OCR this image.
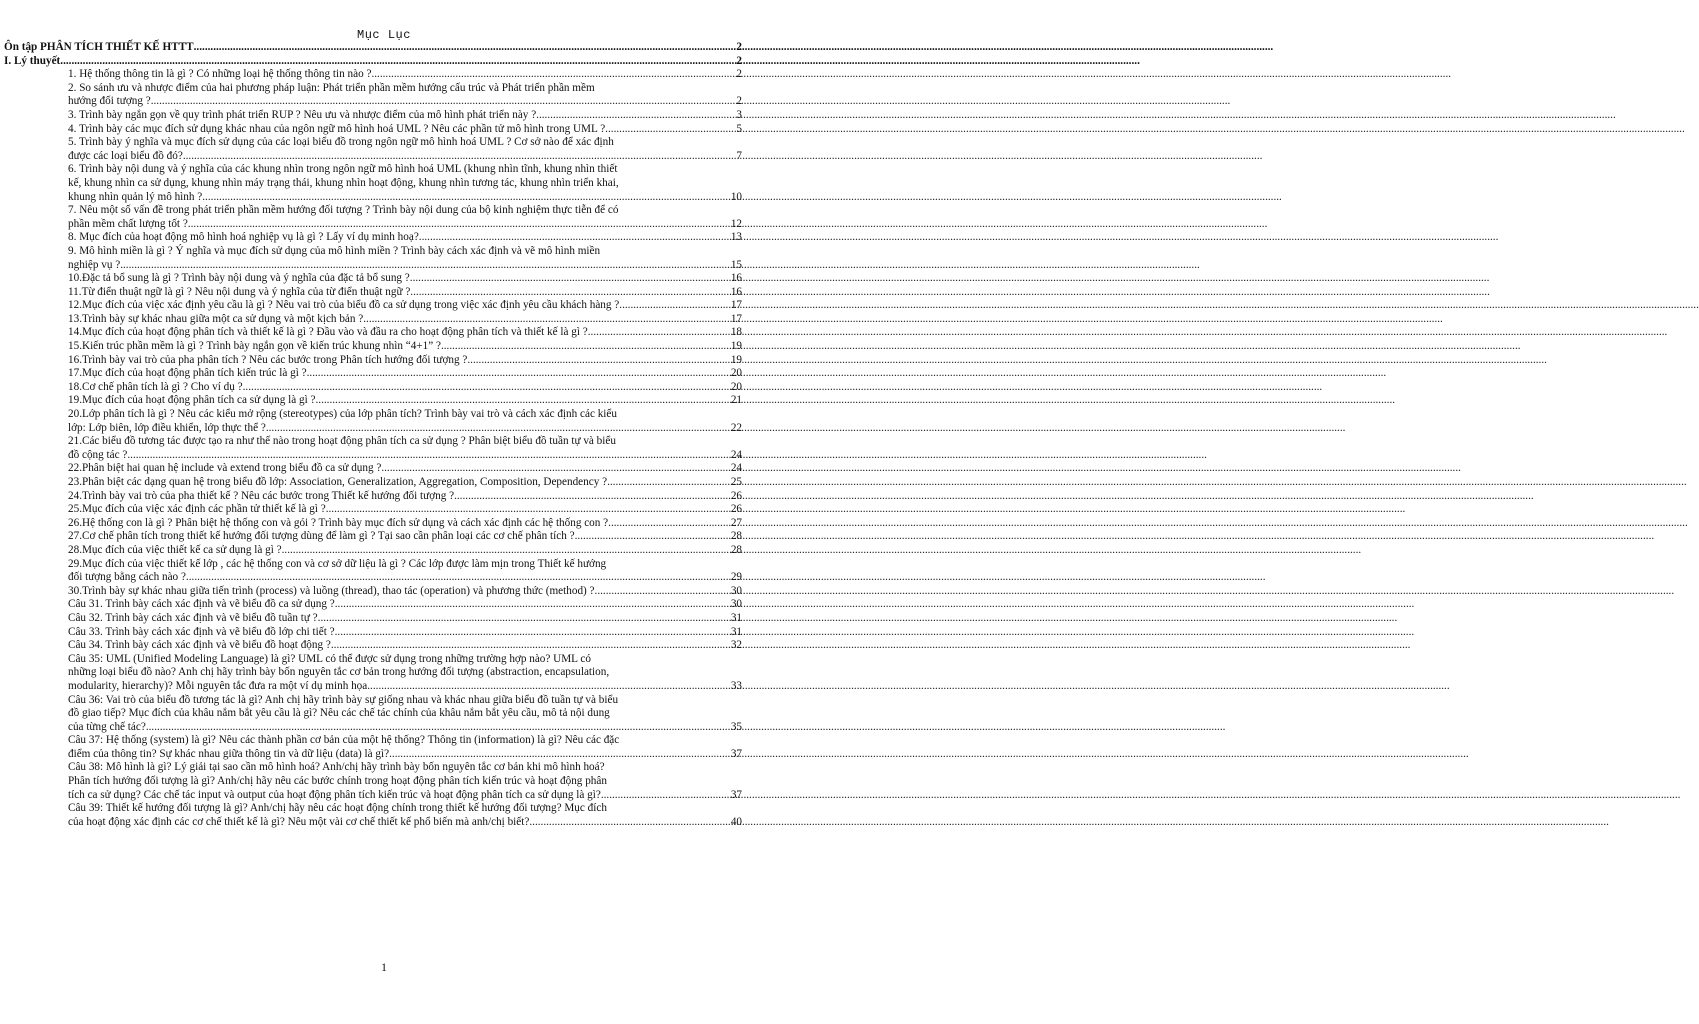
Mục Lục
Ôn tập PHÂN TÍCH THIẾT KẾ HTTT .....	2
I. Lý thuyết .....	2
1. Hệ thống thông tin là gì ? Có những loại hệ thống thông tin nào ? .....	2
2. So sánh ưu và nhược điểm của hai phương pháp luận: Phát triển phần mềm hướng cấu trúc và Phát triển phần mềm
hướng đối tượng ? .....	2
3. Trình bày ngắn gọn về quy trình phát triển RUP ? Nêu ưu và nhược điểm của mô hình phát triển này ? .....	3
4. Trình bày các mục đích sử dụng khác nhau của ngôn ngữ mô hình hoá UML ? Nêu các phần tử mô hình trong UML ? .....	5
5. Trình bày ý nghĩa và mục đích sử dụng của các loại biểu đồ trong ngôn ngữ mô hình hoá UML ? Cơ sở nào để xác định
được các loại biểu đồ đó? .....	7
6. Trình bày nội dung và ý nghĩa của các khung nhìn trong ngôn ngữ mô hình hoá UML (khung nhìn tĩnh, khung nhìn thiết
kế, khung nhìn ca sử dụng, khung nhìn máy trạng thái, khung nhìn hoạt động, khung nhìn tương tác, khung nhìn triển khai,
khung nhìn quản lý mô hình ? .....	10
7. Nêu một số vấn đề trong phát triển phần mềm hướng đối tượng ? Trình bày nội dung của bộ kinh nghiệm thực tiễn để có
phần mềm chất lượng tốt ? .....	12
8. Mục đích của hoạt động mô hình hoá nghiệp vụ là gì ? Lấy ví dụ minh hoạ? .....	13
9. Mô hình miền là gì ? Ý nghĩa và mục đích sử dụng của mô hình miền ? Trình bày cách xác định và vẽ mô hình miền
nghiệp vụ ? .....	15
10.Đặc tả bổ sung là gì ? Trình bày nội dung và ý nghĩa của đặc tả bổ sung ? .....	16
11.Từ điển thuật ngữ là gì ? Nêu nội dung và ý nghĩa của từ điển thuật ngữ ? .....	16
12.Mục đích của việc xác định yêu cầu là gì ? Nêu vai trò của biểu đồ ca sử dụng trong việc xác định yêu cầu khách hàng ? .....	17
13.Trình bày sự khác nhau giữa một ca sử dụng và một kịch bản ? .....	17
14.Mục đích của hoạt động phân tích và thiết kế là gì ? Đầu vào và đầu ra cho hoạt động phân tích và thiết kế là gì ? .....	18
15.Kiến trúc phần mềm là gì ? Trình bày ngắn gọn về kiến trúc khung nhìn “4+1” ? .....	19
16.Trình bày vai trò của pha phân tích ? Nêu các bước trong Phân tích hướng đối tượng ? .....	19
17.Mục đích của hoạt động phân tích kiến trúc là gì ? .....	20
18.Cơ chế phân tích là gì ? Cho ví dụ ? .....	20
19.Mục đích của hoạt động phân tích ca sử dụng là gì ? .....	21
20.Lớp phân tích là gì ? Nêu các kiểu mở rộng (stereotypes) của lớp phân tích? Trình bày vai trò và cách xác định các kiểu
lớp: Lớp biên, lớp điều khiển, lớp thực thể ? .....	22
21.Các biểu đồ tương tác được tạo ra như thế nào trong hoạt động phân tích ca sử dụng ? Phân biệt biểu đồ tuần tự và biểu
đồ cộng tác ? .....	24
22.Phân biệt hai quan hệ include và extend trong biểu đồ ca sử dụng ? .....	24
23.Phân biệt các dạng quan hệ trong biểu đồ lớp: Association, Generalization, Aggregation, Composition, Dependency ? .....	25
24.Trình bày vai trò của pha thiết kế ? Nêu các bước trong Thiết kế hướng đối tượng ? .....	26
25.Mục đích của việc xác định các phần tử thiết kế là gì ? .....	26
26.Hệ thống con là gì ? Phân biệt hệ thống con và gói ? Trình bày mục đích sử dụng và cách xác định các hệ thống con ? .....	27
27.Cơ chế phân tích trong thiết kế hướng đối tượng dùng để làm gì ? Tại sao cần phân loại các cơ chế phân tích ? .....	28
28.Mục đích của việc thiết kế ca sử dụng là gì ? .....	28
29.Mục đích của việc thiết kế lớp , các hệ thống con và cơ sở dữ liệu là gì ? Các lớp được làm mịn trong Thiết kế hướng
đối tượng bằng cách nào ? .....	29
30.Trình bày sự khác nhau giữa tiến trình (process) và luồng (thread), thao tác (operation) và phương thức (method) ? .....	30
Câu 31. Trình bày cách xác định và vẽ biểu đồ ca sử dụng ? .....	30
Câu 32. Trình bày cách xác định và vẽ biểu đồ tuần tự ? .....	31
Câu 33. Trình bày cách xác định và vẽ biểu đồ lớp chi tiết ? .....	31
Câu 34. Trình bày cách xác định và vẽ biểu đồ hoạt động ? .....	32
Câu 35: UML (Unified Modeling Language) là gì? UML có thể được sử dụng trong những trường hợp nào? UML có
những loại biểu đồ nào? Anh chị hãy trình bày bốn nguyên tắc cơ bản trong hướng đối tượng (abstraction, encapsulation,
modularity, hierarchy)? Mỗi nguyên tắc đưa ra một ví dụ minh họa. .....	33
Câu 36: Vai trò của biểu đồ tương tác là gì? Anh chị hãy trình bày sự giống nhau và khác nhau giữa biểu đồ tuần tự và biểu
đồ giao tiếp? Mục đích của khâu nắm bắt yêu cầu là gì? Nêu các chế tác chính của khâu nắm bắt yêu cầu, mô tả nội dung
của từng chế tác? .....	35
Câu 37: Hệ thống (system) là gì? Nêu các thành phần cơ bản của một hệ thống? Thông tin (information) là gì? Nêu các đặc
điểm của thông tin? Sự khác nhau giữa thông tin và dữ liệu (data) là gì? .....	37
Câu 38: Mô hình là gì? Lý giải tại sao cần mô hình hoá? Anh/chị hãy trình bày bốn nguyên tắc cơ bản khi mô hình hoá?
Phân tích hướng đối tượng là gì? Anh/chị hãy nêu các bước chính trong hoạt động phân tích kiến trúc và hoạt động phân
tích ca sử dụng? Các chế tác input và output của hoạt động phân tích kiến trúc và hoạt động phân tích ca sử dụng là gì? .....	37
Câu 39: Thiết kế hướng đối tượng là gì? Anh/chị hãy nêu các hoạt động chính trong thiết kế hướng đối tượng? Mục đích
của hoạt động xác định các cơ chế thiết kế là gì? Nêu một vài cơ chế thiết kế phổ biến mà anh/chị biết? .....	40
1
